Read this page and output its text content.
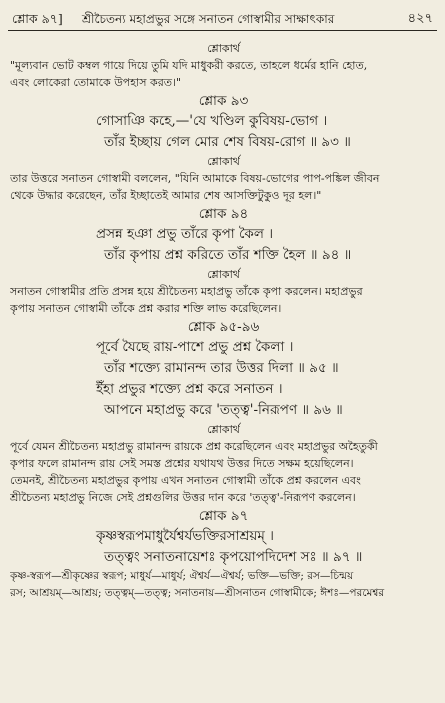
শ্লোক ৯৭] শ্রীচৈতন্য মহাপ্রভুর সঙ্গে সনাতন গোস্বামীর সাক্ষাৎকার	৪২৭
শ্লোকার্থ
"মূল্যবান ভোট কম্বল গায়ে দিয়ে তুমি যদি মাধুকরী করতে, তাহলে ধর্মের হানি হোত,
এবং লোকেরা তোমাকে উপহাস করত।"
শ্লোক ৯৩
গোসাঞি কহে,—'যে খণ্ডিল কুবিষয়-ভোগ ।
তাঁর ইচ্ছায় গেল মোর শেষ বিষয়-রোগ ॥ ৯৩ ॥
শ্লোকার্থ
তার উত্তরে সনাতন গোস্বামী বললেন, "যিনি আমাকে বিষয়-ভোগের পাপ-পঙ্কিল জীবন
থেকে উদ্ধার করেছেন, তাঁর ইচ্ছাতেই আমার শেষ আসক্তিটুকুও দূর হল।"
শ্লোক ৯৪
প্রসন্ন হঞা প্রভু তাঁরে কৃপা কৈল ।
তাঁর কৃপায় প্রশ্ন করিতে তাঁর শক্তি হৈল ॥ ৯৪ ॥
শ্লোকার্থ
সনাতন গোস্বামীর প্রতি প্রসন্ন হয়ে শ্রীচৈতন্য মহাপ্রভু তাঁকে কৃপা করলেন। মহাপ্রভুর
কৃপায় সনাতন গোস্বামী তাঁকে প্রশ্ন করার শক্তি লাভ করেছিলেন।
শ্লোক ৯৫-৯৬
পূর্বে যৈছে রায়-পাশে প্রভু প্রশ্ন কৈলা ।
তাঁর শক্ত্যে রামানন্দ তার উত্তর দিলা ॥ ৯৫ ॥
ইঁহা প্রভুর শক্ত্যে প্রশ্ন করে সনাতন ।
আপনে মহাপ্রভু করে 'তত্ত্ব'-নিরূপণ ॥ ৯৬ ॥
শ্লোকার্থ
পূর্বে যেমন শ্রীচৈতন্য মহাপ্রভু রামানন্দ রায়কে প্রশ্ন করেছিলেন এবং মহাপ্রভুর অহৈতুকী
কৃপার ফলে রামানন্দ রায় সেই সমস্ত প্রশ্নের যথাযথ উত্তর দিতে সক্ষম হয়েছিলেন।
তেমনই, শ্রীচৈতন্য মহাপ্রভুর কৃপায় এখন সনাতন গোস্বামী তাঁকে প্রশ্ন করলেন এবং
শ্রীচৈতন্য মহাপ্রভু নিজে সেই প্রশ্নগুলির উত্তর দান করে 'তত্ত্ব'-নিরূপণ করলেন।
শ্লোক ৯৭
কৃষ্ণস্বরূপমাধুর্যৈশ্বর্যভক্তিরসাশ্রয়ম্ ।
তত্ত্বং সনাতনায়েশঃ কৃপয়োপদিদেশ সঃ ॥ ৯৭ ॥
কৃষ্ণ-স্বরূপ—শ্রীকৃষ্ণের স্বরূপ; মাধুর্য—মাধুর্য; ঐশ্বর্য—ঐশ্বর্য; ভক্তি—ভক্তি; রস—চিন্ময়
রস; আশ্রয়ম্—আশ্রয়; তত্ত্বম্—তত্ত্ব; সনাতনায়—শ্রীসনাতন গোস্বামীকে; ঈশঃ—পরমেশ্বর
